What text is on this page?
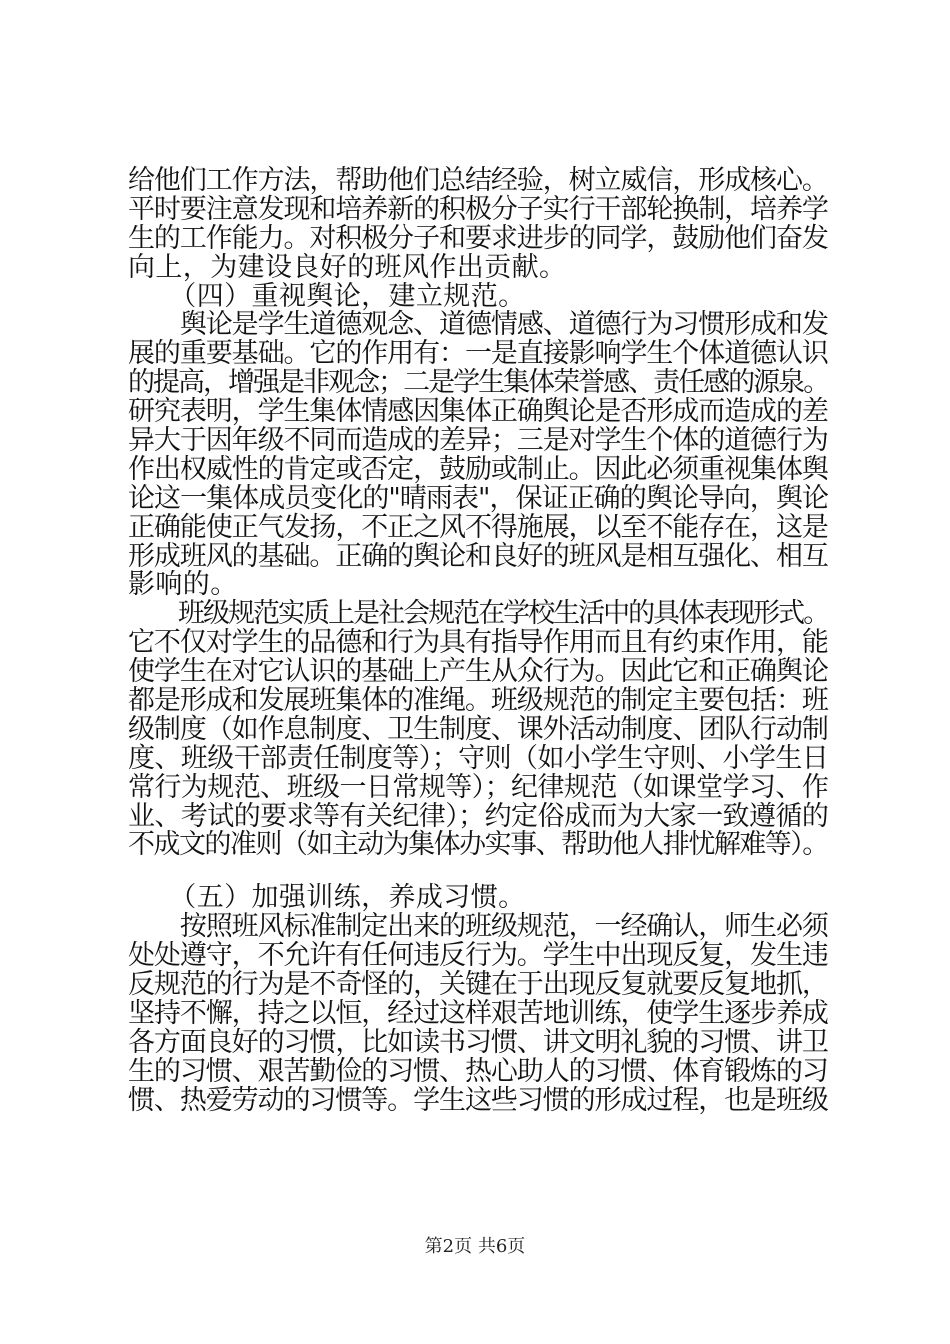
给他们工作方法，帮助他们总结经验，树立威信，形成核心。
平时要注意发现和培养新的积极分子实行干部轮换制，培养学
生的工作能力。对积极分子和要求进步的同学，鼓励他们奋发
向上，为建设良好的班风作出贡献。
　　（四）重视舆论，建立规范。
　　舆论是学生道德观念、道德情感、道德行为习惯形成和发
展的重要基础。它的作用有：一是直接影响学生个体道德认识
的提高，增强是非观念；二是学生集体荣誉感、责任感的源泉。
研究表明，学生集体情感因集体正确舆论是否形成而造成的差
异大于因年级不同而造成的差异；三是对学生个体的道德行为
作出权威性的肯定或否定，鼓励或制止。因此必须重视集体舆
论这一集体成员变化的"晴雨表"，保证正确的舆论导向，舆论
正确能使正气发扬，不正之风不得施展，以至不能存在，这是
形成班风的基础。正确的舆论和良好的班风是相互强化、相互
影响的。
　　班级规范实质上是社会规范在学校生活中的具体表现形式。
它不仅对学生的品德和行为具有指导作用而且有约束作用，能
使学生在对它认识的基础上产生从众行为。因此它和正确舆论
都是形成和发展班集体的准绳。班级规范的制定主要包括：班
级制度（如作息制度、卫生制度、课外活动制度、团队行动制
度、班级干部责任制度等）；守则（如小学生守则、小学生日
常行为规范、班级一日常规等）；纪律规范（如课堂学习、作
业、考试的要求等有关纪律）；约定俗成而为大家一致遵循的
不成文的准则（如主动为集体办实事、帮助他人排忧解难等）。
　　（五）加强训练，养成习惯。
　　按照班风标准制定出来的班级规范，一经确认，师生必须
处处遵守，不允许有任何违反行为。学生中出现反复，发生违
反规范的行为是不奇怪的，关键在于出现反复就要反复地抓，
坚持不懈，持之以恒，经过这样艰苦地训练，使学生逐步养成
各方面良好的习惯，比如读书习惯、讲文明礼貌的习惯、讲卫
生的习惯、艰苦勤俭的习惯、热心助人的习惯、体育锻炼的习
惯、热爱劳动的习惯等。学生这些习惯的形成过程，也是班级
第2页 共6页
